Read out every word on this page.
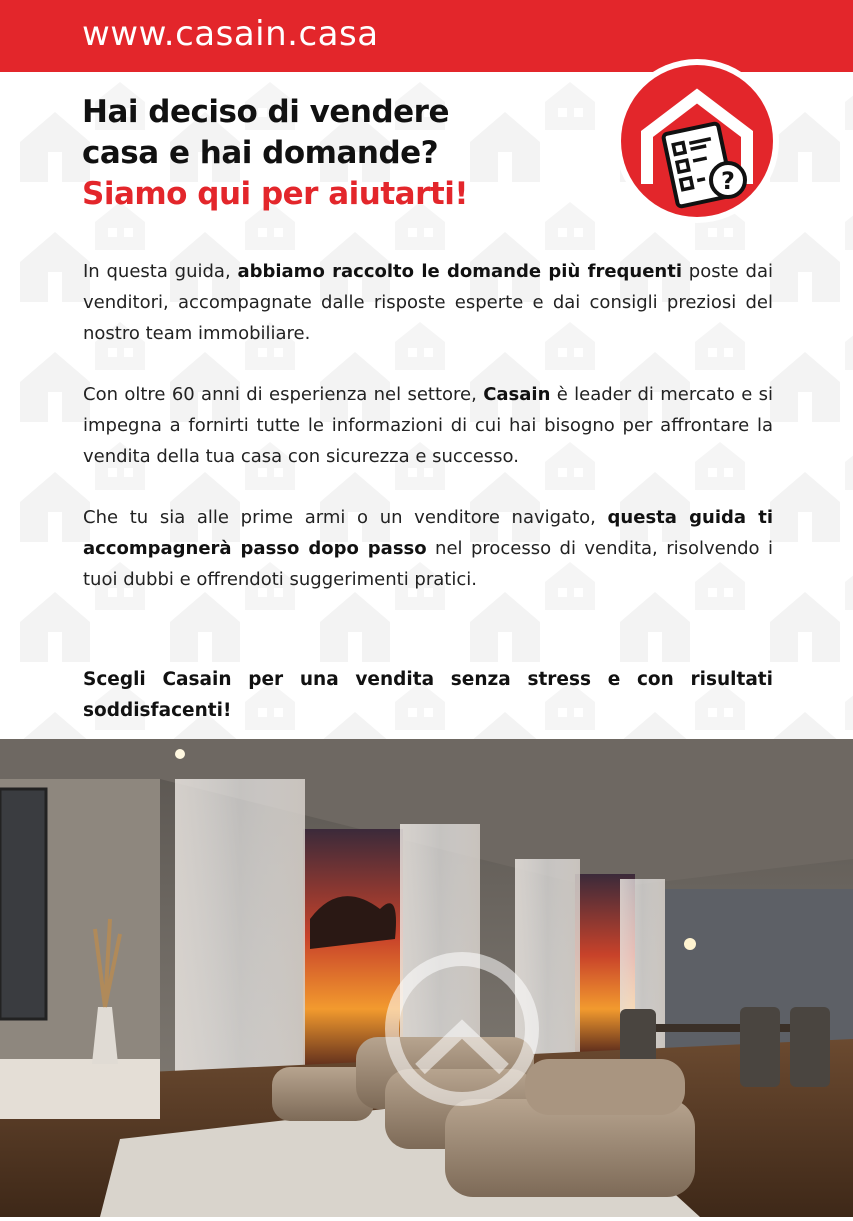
www.casain.casa
Hai deciso di vendere
casa e hai domande?
Siamo qui per aiutarti!	?

In questa guida, abbiamo raccolto le domande più frequenti poste dai venditori, accompagnate dalle risposte esperte e dai consigli preziosi del nostro team immobiliare.

Con oltre 60 anni di esperienza nel settore, Casain è leader di mercato e si impegna a fornirti tutte le informazioni di cui hai bisogno per affrontare la vendita della tua casa con sicurezza e successo.

Che tu sia alle prime armi o un venditore navigato, questa guida ti accompagnerà passo dopo passo nel processo di vendita, risolvendo i tuoi dubbi e offrendoti suggerimenti pratici.

Scegli Casain per una vendita senza stress e con risultati soddisfacenti!
